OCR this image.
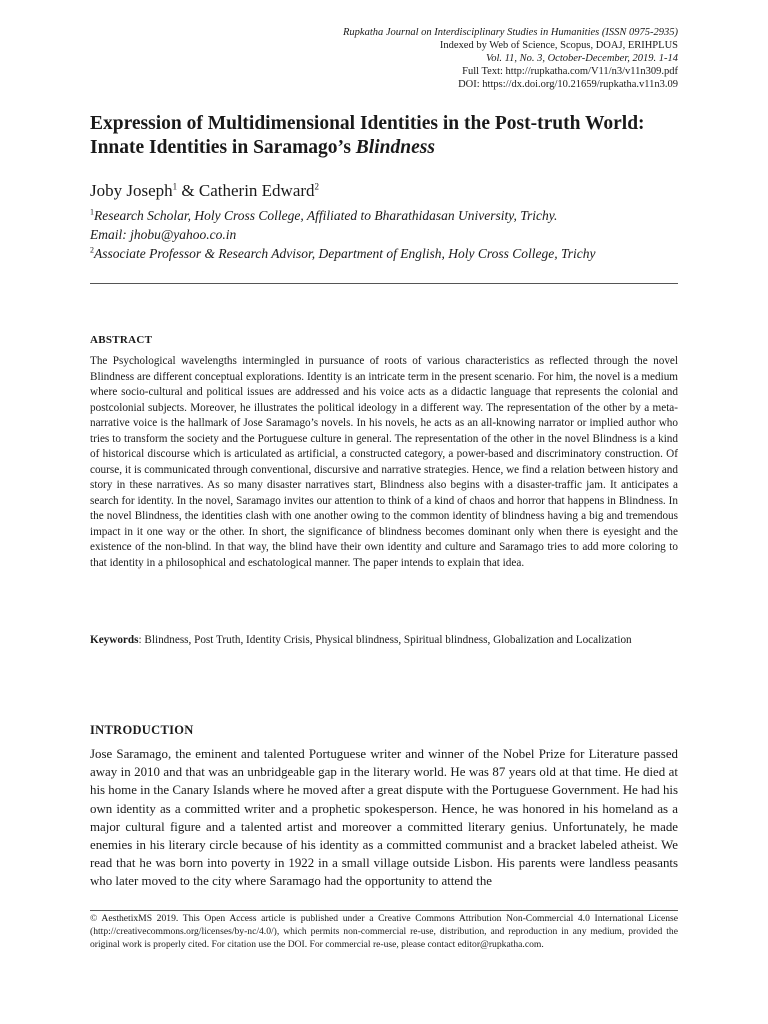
Rupkatha Journal on Interdisciplinary Studies in Humanities (ISSN 0975-2935)
Indexed by Web of Science, Scopus, DOAJ, ERIHPLUS
Vol. 11, No. 3, October-December, 2019. 1-14
Full Text: http://rupkatha.com/V11/n3/v11n309.pdf
DOI: https://dx.doi.org/10.21659/rupkatha.v11n3.09
Expression of Multidimensional Identities in the Post-truth World: Innate Identities in Saramago’s Blindness
Joby Joseph$^1$ & Catherin Edward$^2$
$^1$Research Scholar, Holy Cross College, Affiliated to Bharathidasan University, Trichy.
Email: jhobu@yahoo.co.in
$^2$Associate Professor & Research Advisor, Department of English, Holy Cross College, Trichy
ABSTRACT

The Psychological wavelengths intermingled in pursuance of roots of various characteristics as reflected through the novel Blindness are different conceptual explorations. Identity is an intricate term in the present scenario. For him, the novel is a medium where socio-cultural and political issues are addressed and his voice acts as a didactic language that represents the colonial and postcolonial subjects. Moreover, he illustrates the political ideology in a different way. The representation of the other by a meta-narrative voice is the hallmark of Jose Saramago’s novels. In his novels, he acts as an all-knowing narrator or implied author who tries to transform the society and the Portuguese culture in general. The representation of the other in the novel Blindness is a kind of historical discourse which is articulated as artificial, a constructed category, a power-based and discriminatory construction. Of course, it is communicated through conventional, discursive and narrative strategies. Hence, we find a relation between history and story in these narratives. As so many disaster narratives start, Blindness also begins with a disaster-traffic jam. It anticipates a search for identity. In the novel, Saramago invites our attention to think of a kind of chaos and horror that happens in Blindness. In the novel Blindness, the identities clash with one another owing to the common identity of blindness having a big and tremendous impact in it one way or the other. In short, the significance of blindness becomes dominant only when there is eyesight and the existence of the non-blind. In that way, the blind have their own identity and culture and Saramago tries to add more coloring to that identity in a philosophical and eschatological manner. The paper intends to explain that idea.

Keywords: Blindness, Post Truth, Identity Crisis, Physical blindness, Spiritual blindness, Globalization and Localization

INTRODUCTION

Jose Saramago, the eminent and talented Portuguese writer and winner of the Nobel Prize for Literature passed away in 2010 and that was an unbridgeable gap in the literary world. He was 87 years old at that time. He died at his home in the Canary Islands where he moved after a great dispute with the Portuguese Government. He had his own identity as a committed writer and a prophetic spokesperson. Hence, he was honored in his homeland as a major cultural figure and a talented artist and moreover a committed literary genius. Unfortunately, he made enemies in his literary circle because of his identity as a committed communist and a bracket labeled atheist. We read that he was born into poverty in 1922 in a small village outside Lisbon. His parents were landless peasants who later moved to the city where Saramago had the opportunity to attend the

© AesthetixMS 2019. This Open Access article is published under a Creative Commons Attribution Non-Commercial 4.0 International License (http://creativecommons.org/licenses/by-nc/4.0/), which permits non-commercial re-use, distribution, and reproduction in any medium, provided the original work is properly cited. For citation use the DOI. For commercial re-use, please contact editor@rupkatha.com.
